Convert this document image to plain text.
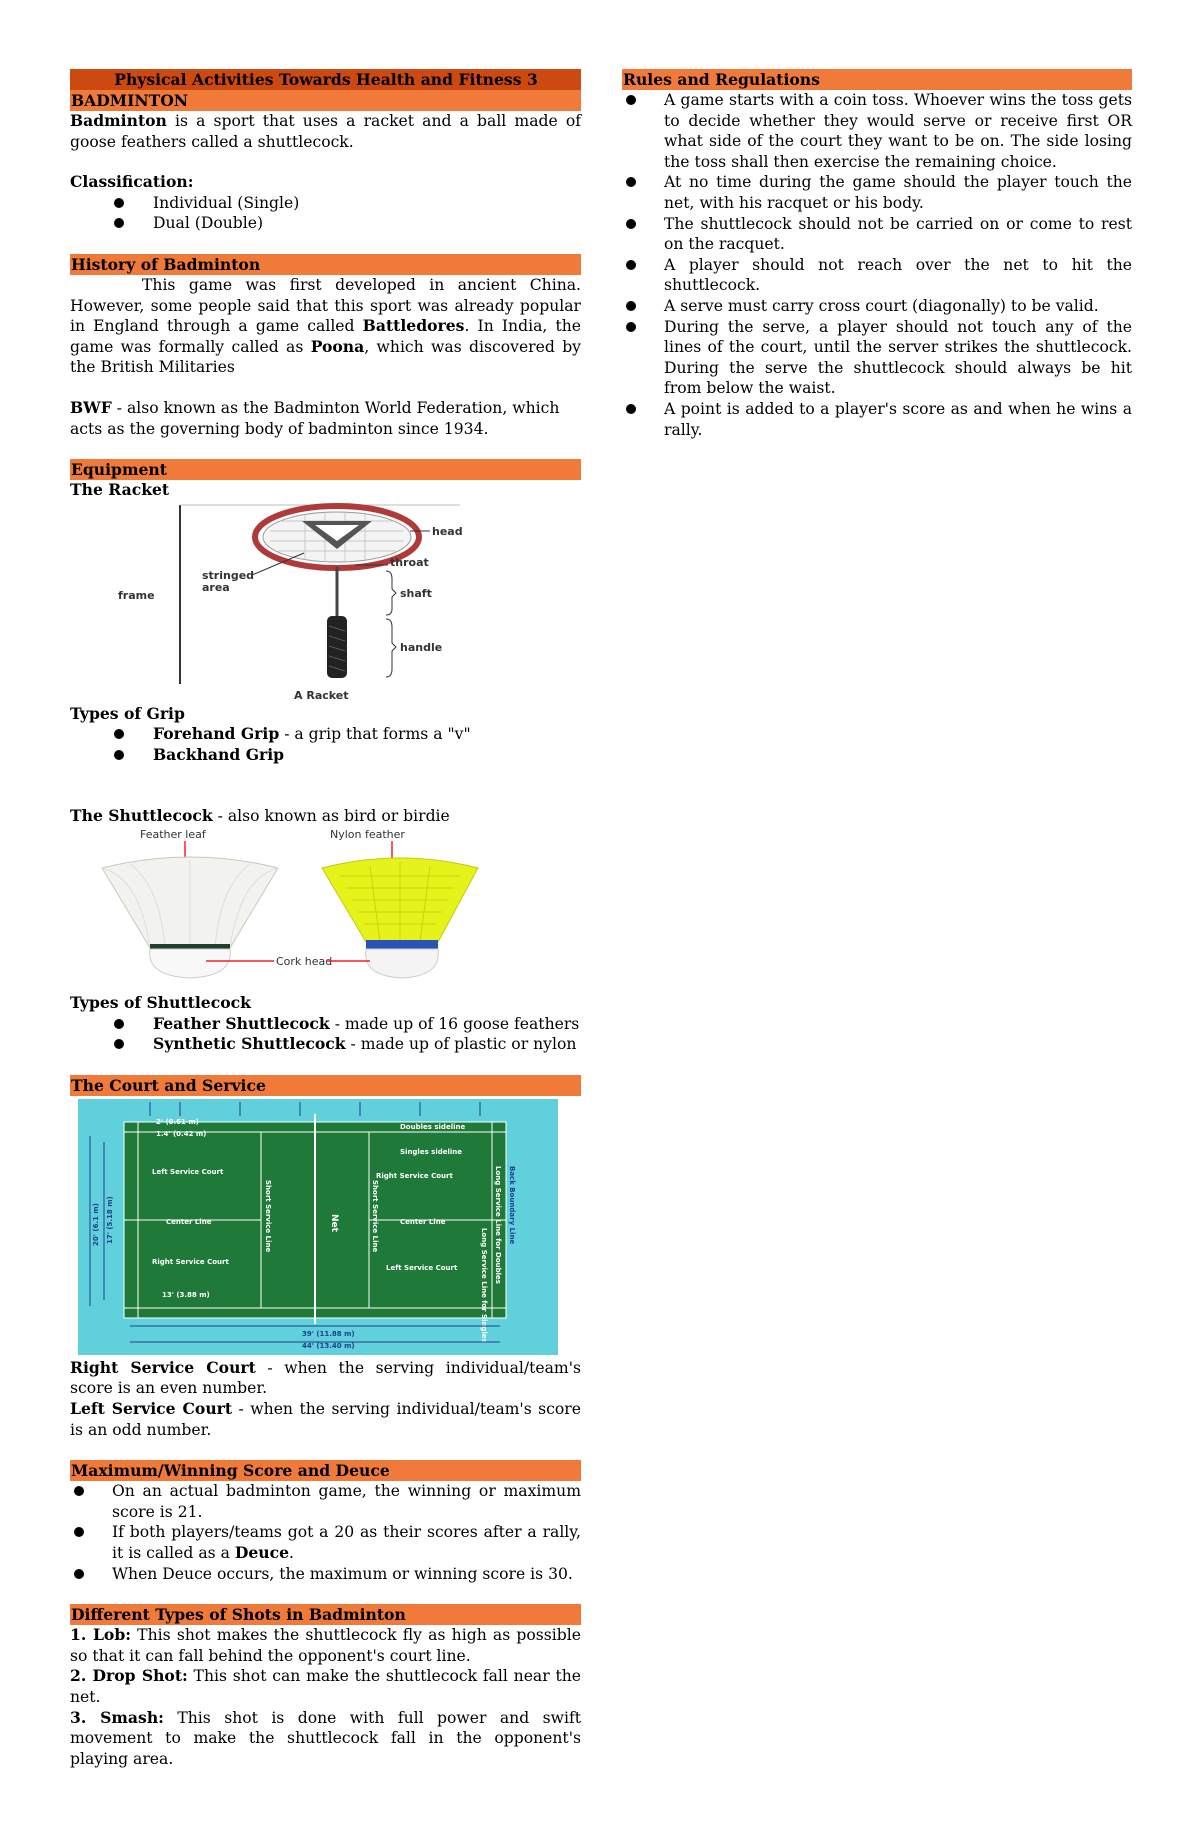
Physical Activities Towards Health and Fitness 3
BADMINTON

Badminton is a sport that uses a racket and a ball made of goose feathers called a shuttlecock.

Classification:

Individual (Single)
Dual (Double)
History of Badminton

This game was first developed in ancient China. However, some people said that this sport was already popular in England through a game called Battledores. In India, the game was formally called as Poona, which was discovered by the British Militaries

BWF - also known as the Badminton World Federation, which acts as the governing body of badminton since 1934.

Equipment

The Racket

head
throat
shaft
handle
stringed
area
frame
A Racket

Types of Grip

Forehand Grip - a grip that forms a "v"
Backhand Grip

The Shuttlecock - also known as bird or birdie

Feather leaf	Nylon feather
Cork head

Types of Shuttlecock

Feather Shuttlecock - made up of 16 goose feathers
Synthetic Shuttlecock - made up of plastic or nylon
The Court and Service
Doubles sideline
Singles sideline
Left Service Court	Right Service Court
Center Line	Center Line
Right Service Court
Left Service Court
2' (0.61 m)
1.4' (0.42 m)
13' (3.88 m)
39' (11.88 m)
44' (13.40 m)
Short Service Line	Net	Short Service Line	Long Service Line for Doubles Back Boundary Line
Long Service Line for Singles
20' (6.1 m) 17' (5.18 m)

Right Service Court - when the serving individual/team's score is an even number.

Left Service Court - when the serving individual/team's score is an odd number.

Maximum/Winning Score and Deuce
On an actual badminton game, the winning or maximum score is 21.
If both players/teams got a 20 as their scores after a rally, it is called as a Deuce.
When Deuce occurs, the maximum or winning score is 30.
Different Types of Shots in Badminton

1. Lob: This shot makes the shuttlecock fly as high as possible so that it can fall behind the opponent's court line.

2. Drop Shot: This shot can make the shuttlecock fall near the net.

3. Smash: This shot is done with full power and swift movement to make the shuttlecock fall in the opponent's playing area.

Rules and Regulations
A game starts with a coin toss. Whoever wins the toss gets to decide whether they would serve or receive first OR what side of the court they want to be on. The side losing the toss shall then exercise the remaining choice.
At no time during the game should the player touch the net, with his racquet or his body.
The shuttlecock should not be carried on or come to rest on the racquet.
A player should not reach over the net to hit the shuttlecock.
A serve must carry cross court (diagonally) to be valid.
During the serve, a player should not touch any of the lines of the court, until the server strikes the shuttlecock. During the serve the shuttlecock should always be hit from below the waist.
A point is added to a player's score as and when he wins a rally.
